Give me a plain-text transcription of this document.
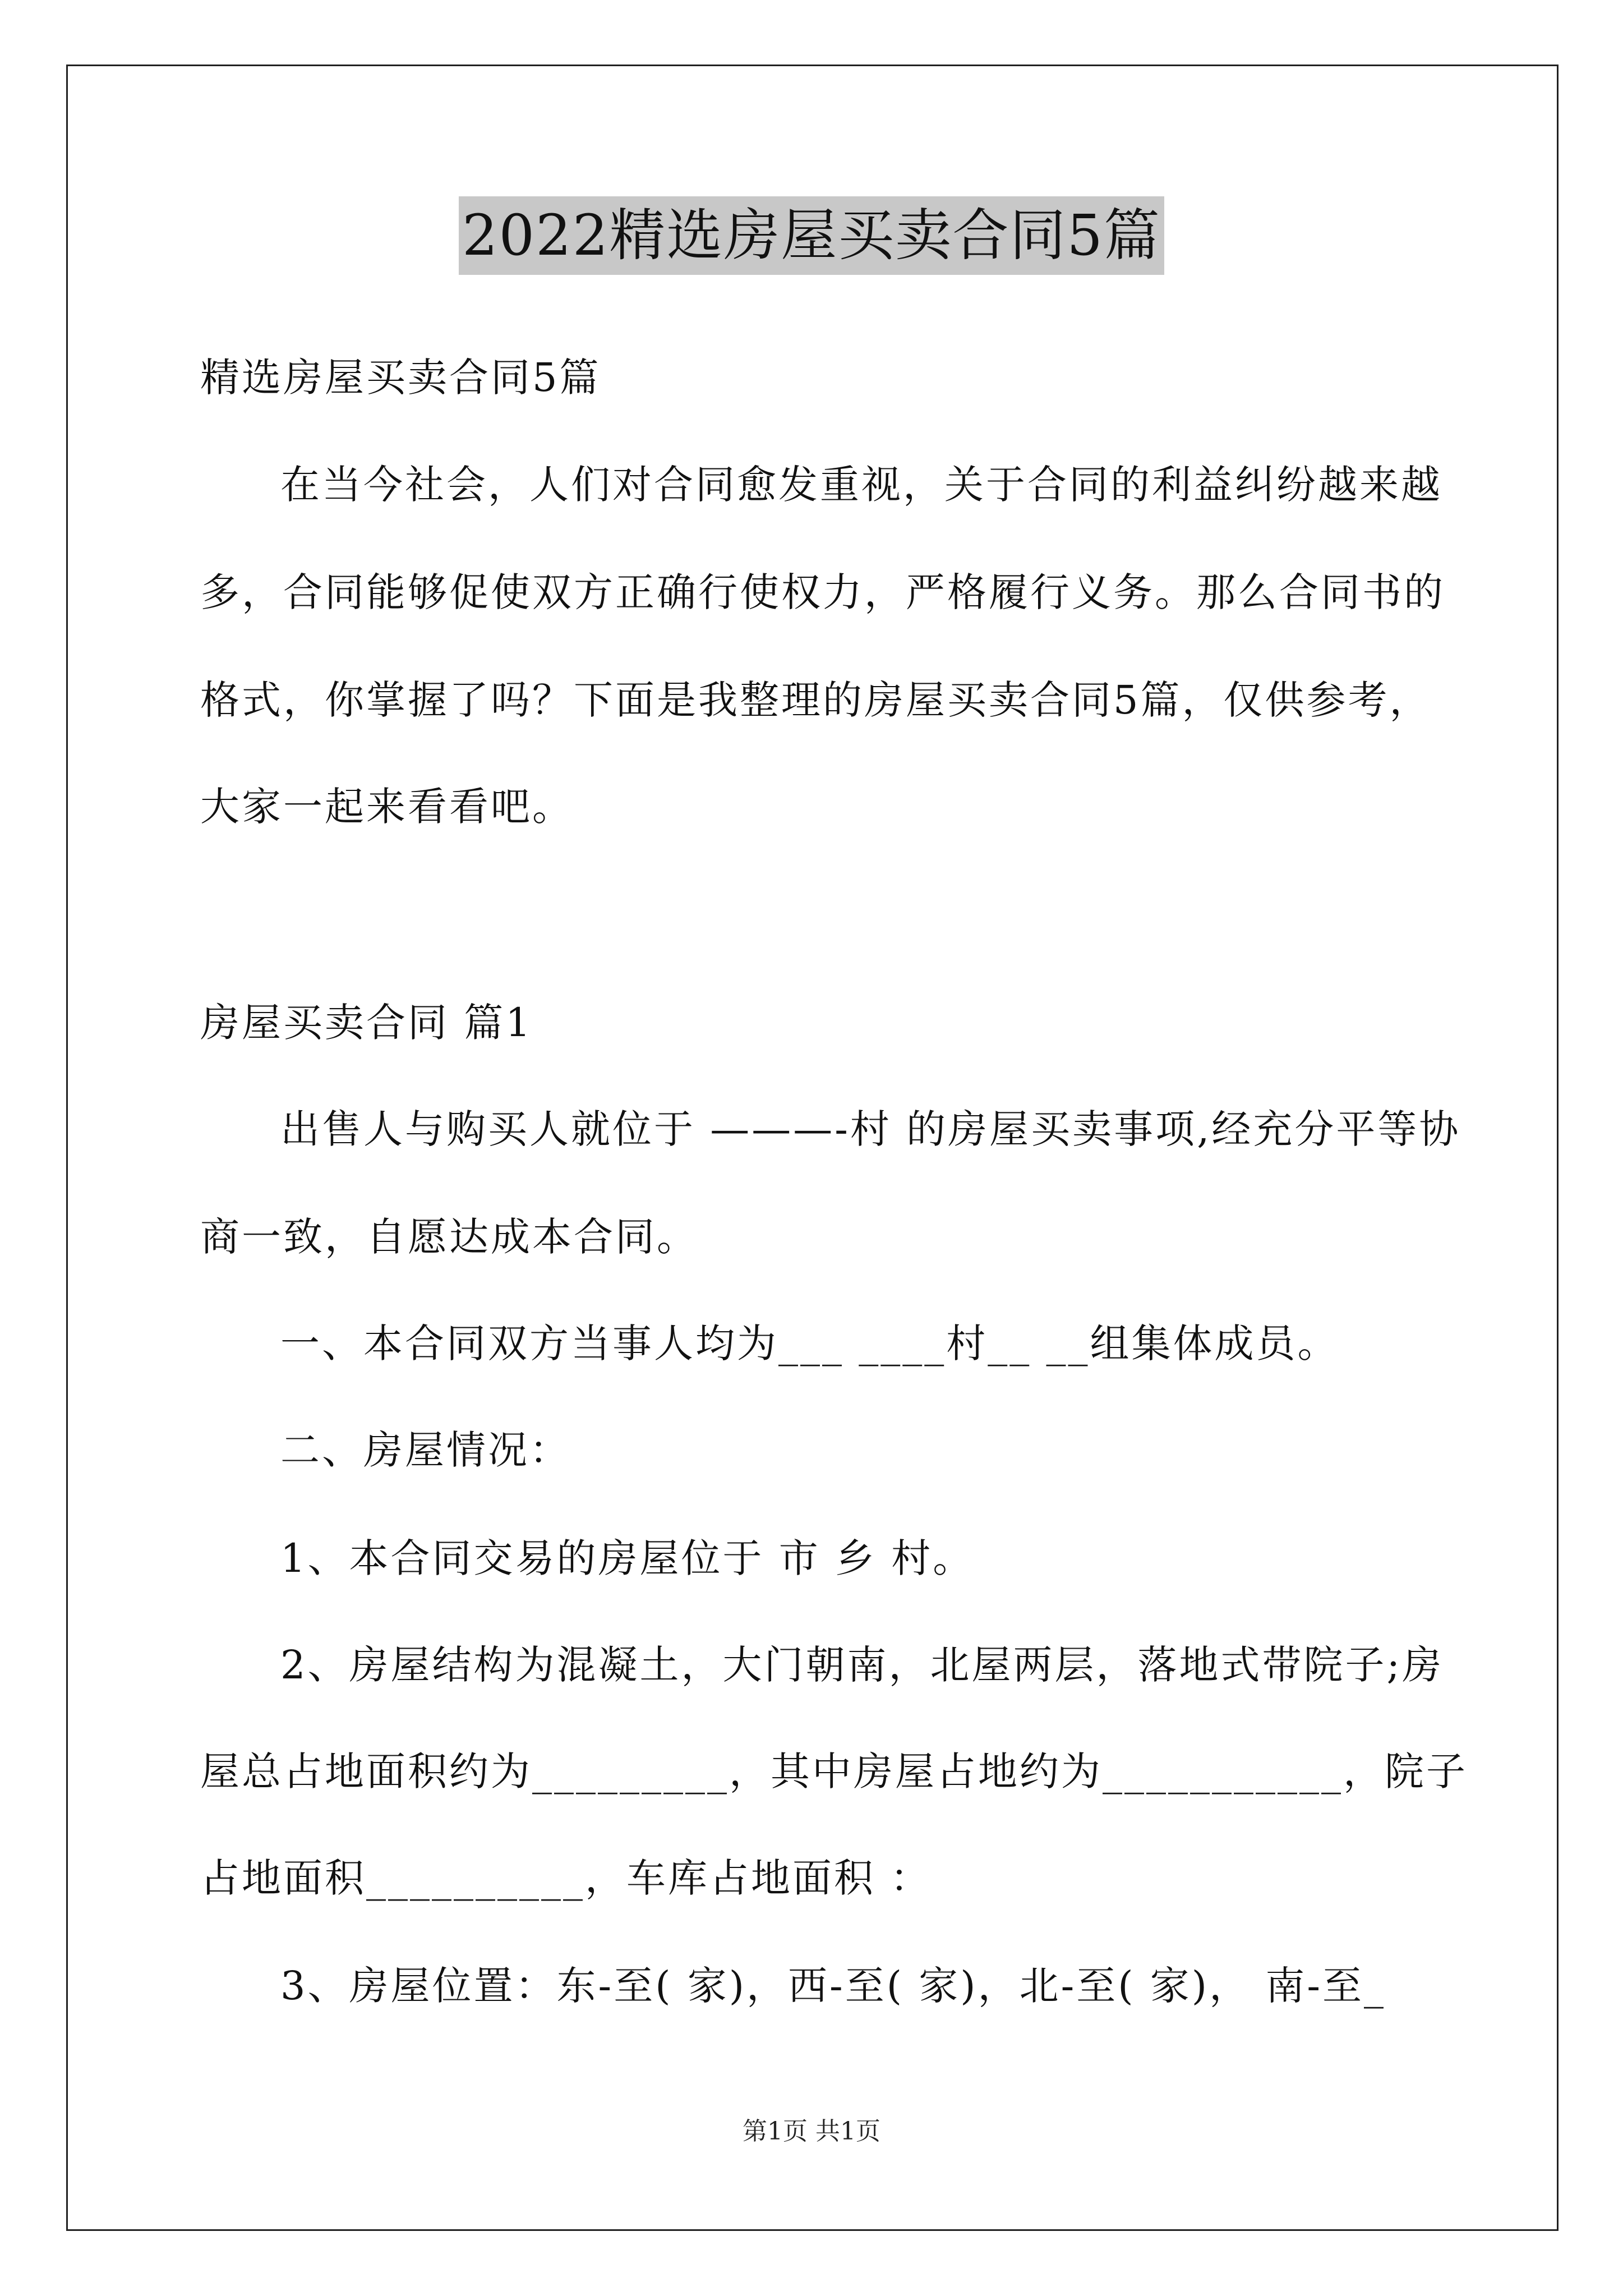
2022精选房屋买卖合同5篇
精选房屋买卖合同5篇
在当今社会，人们对合同愈发重视，关于合同的利益纠纷越来越
多，合同能够促使双方正确行使权力，严格履行义务。那么合同书的
格式，你掌握了吗？下面是我整理的房屋买卖合同5篇，仅供参考，
大家一起来看看吧。
房屋买卖合同 篇1
出售人与购买人就位于 ———-村 的房屋买卖事项,经充分平等协
商一致，自愿达成本合同。
一、本合同双方当事人均为___ ____村__ __组集体成员。
二、房屋情况：
1、本合同交易的房屋位于 市 乡 村。
2、房屋结构为混凝土，大门朝南，北屋两层，落地式带院子;房
屋总占地面积约为_________，其中房屋占地约为___________，院子
占地面积__________，车库占地面积 ：
3、房屋位置：东-至( 家)，西-至( 家)，北-至( 家)， 南-至_
第1页 共1页
